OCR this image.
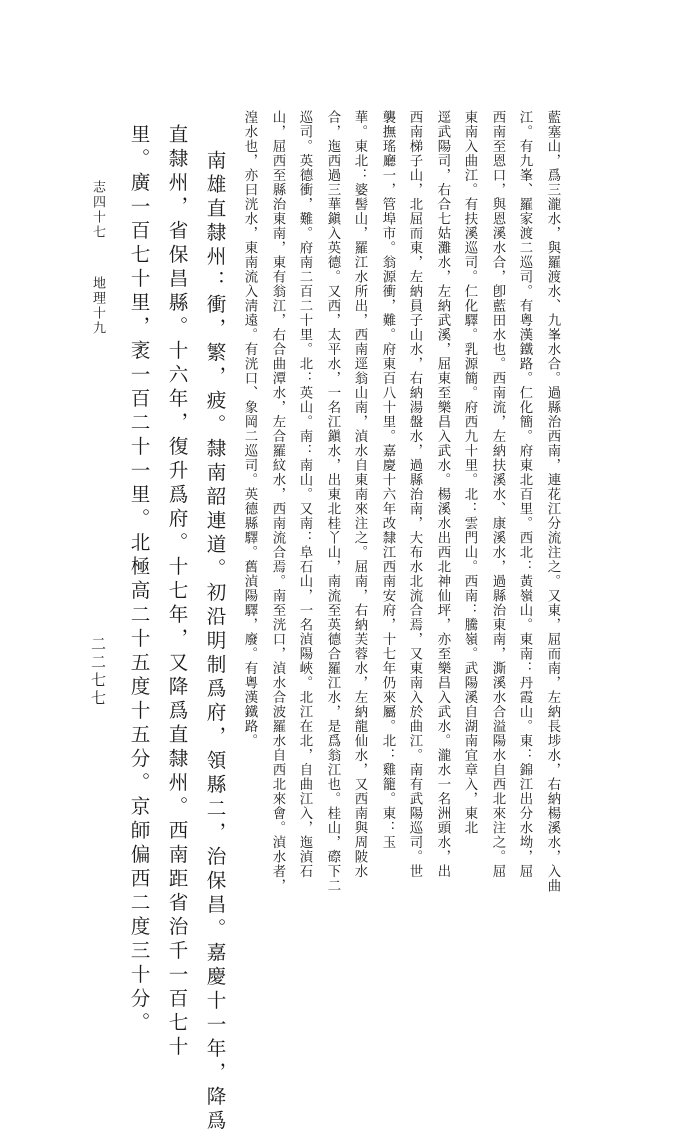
藍塞山，爲三瀧水，與羅渡水、九峯水合。過縣治西南，連花江分流注之。又東，屈而南，左納長埗水，右納楊溪水，入曲
江。有九峯、羅家渡二巡司。有粵漢鐵路。仁化簡。府東北百里。西北：黃嶺山。東南：丹霞山。東：錦江出分水坳，屈
西南至恩口，與恩溪水合，卽藍田水也。西南流，左納扶溪水、康溪水，過縣治東南，澌溪水合溢陽水自西北來注之。屈
東南入曲江。有扶溪巡司。仁化驛。乳源簡。府西九十里。北：雲門山。西南：騰嶺。武陽溪自湖南宜章入，東北
逕武陽司，右合七姑灘水，左納武溪，屈東至樂昌入武水。楊溪水出西北神仙坪，亦至樂昌入武水。瀧水一名洲頭水，出
西南梯子山，北屈而東，左納員子山水，右納湯盤水，過縣治南，大布水北流合焉，又東南入於曲江。南有武陽巡司。世
襲撫瑤廳一，管埠市。翁源衝，難。府東百八十里。嘉慶十六年改隸江西南安府，十七年仍來屬。北：雞籠。東：玉
華。東北：婆髻山，羅江水所出，西南逕翁山南，湞水自東南來注之。屈南，右納芙蓉水，左納龍仙水，又西南與周陂水
合，迤西過三華鎭入英德。又西，太平水，一名江鎭水，出東北桂丫山，南流至英德合羅江水，是爲翁江也。桂山，磜下二
巡司。英德衝，難。府南二百二十里。北：英山。南：南山。又南：阜石山，一名湞陽峽。北江在北，自曲江入，迤湞石
山，屈西至縣治東南，東有翁江，右合曲潭水，左合羅紋水，西南流合焉。南至洸口，湞水合波羅水自西北來會。湞水者，
湟水也，亦曰洸水，東南流入淸遠。有洸口、象岡二巡司。英德縣驛。舊湞陽驛，廢。有粵漢鐵路。
南雄直隸州：衝，繁，疲。隸南韶連道。初沿明制爲府，領縣二，治保昌。嘉慶十一年，降爲
直隸州，省保昌縣。十六年，復升爲府。十七年，又降爲直隸州。西南距省治千一百七十
里。廣一百七十里，袤一百二十一里。北極高二十五度十五分。京師偏西二度三十分。
志四十七
地理十九
二二七七
